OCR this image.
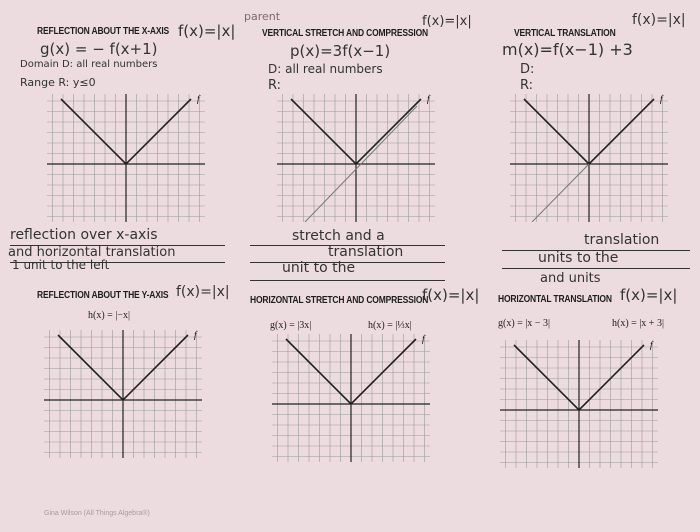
REFLECTION ABOUT THE X-AXIS f(x)=|x|
parent
g(x) = − f(x+1)
Domain D: all real numbers
Range R: y≤0
VERTICAL STRETCH AND COMPRESSION
f(x)=|x|
p(x)=3f(x−1)
D: all real numbers
R:
VERTICAL TRANSLATION
f(x)=|x|
m(x)=f(x−1) +3
D:
R:
f	f	f
reflection over x-axis
and horizontal translation
1 unit to the left
stretch and a
translation
unit to the
translation
units to the
and units
REFLECTION ABOUT THE Y-AXIS f(x)=|x|
h(x) = |−x|
HORIZONTAL STRETCH AND COMPRESSION
f(x)=|x|
g(x) = |3x|	h(x) = |⅓x|
HORIZONTAL TRANSLATION f(x)=|x|
g(x) = |x − 3|	h(x) = |x + 3|
f	f
f
Gina Wilson (All Things Algebra®)
